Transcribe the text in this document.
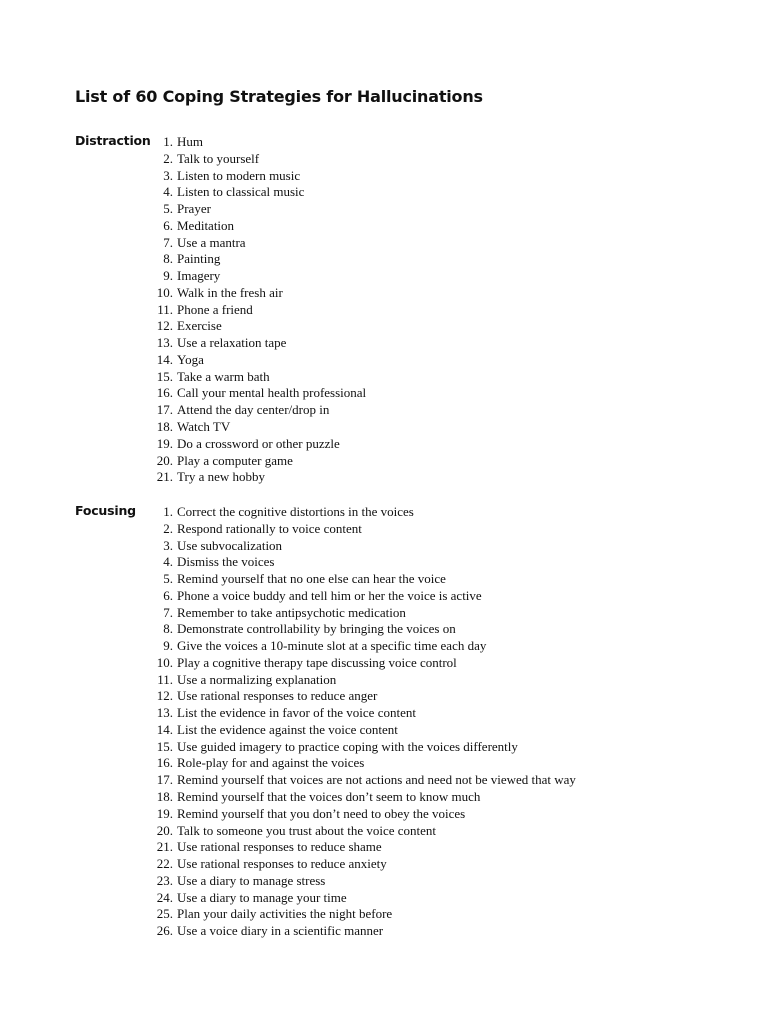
List of 60 Coping Strategies for Hallucinations
Distraction 1. Hum
2. Talk to yourself
3. Listen to modern music
4. Listen to classical music
5. Prayer
6. Meditation
7. Use a mantra
8. Painting
9. Imagery
10. Walk in the fresh air
11. Phone a friend
12. Exercise
13. Use a relaxation tape
14. Yoga
15. Take a warm bath
16. Call your mental health professional
17. Attend the day center/drop in
18. Watch TV
19. Do a crossword or other puzzle
20. Play a computer game
21. Try a new hobby
Focusing	1. Correct the cognitive distortions in the voices
2. Respond rationally to voice content
3. Use subvocalization
4. Dismiss the voices
5. Remind yourself that no one else can hear the voice
6. Phone a voice buddy and tell him or her the voice is active
7. Remember to take antipsychotic medication
8. Demonstrate controllability by bringing the voices on
9. Give the voices a 10-minute slot at a specific time each day
10. Play a cognitive therapy tape discussing voice control
11. Use a normalizing explanation
12. Use rational responses to reduce anger
13. List the evidence in favor of the voice content
14. List the evidence against the voice content
15. Use guided imagery to practice coping with the voices differently
16. Role-play for and against the voices
17. Remind yourself that voices are not actions and need not be viewed that way
18. Remind yourself that the voices don’t seem to know much
19. Remind yourself that you don’t need to obey the voices
20. Talk to someone you trust about the voice content
21. Use rational responses to reduce shame
22. Use rational responses to reduce anxiety
23. Use a diary to manage stress
24. Use a diary to manage your time
25. Plan your daily activities the night before
26. Use a voice diary in a scientific manner
